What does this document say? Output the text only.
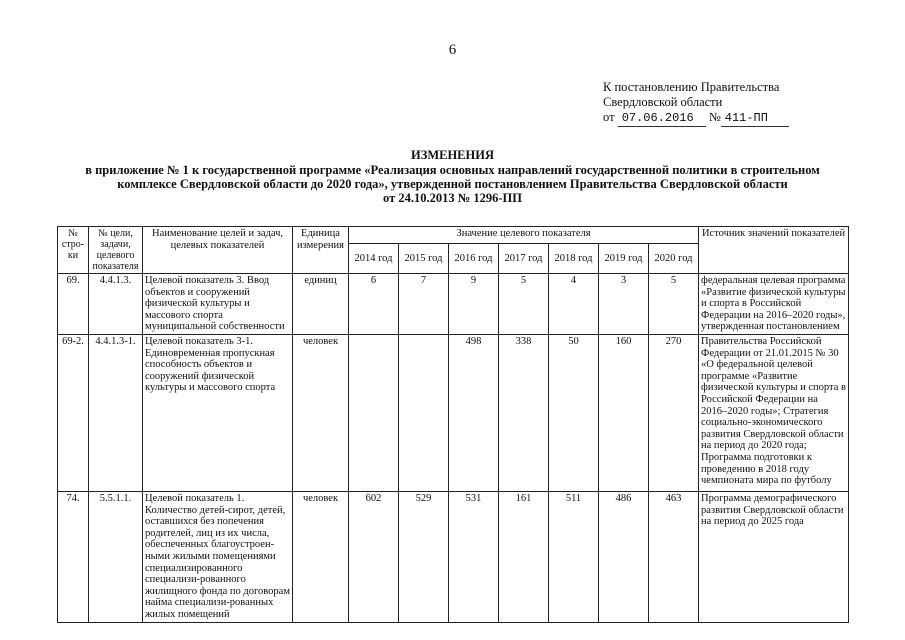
6
К постановлению Правительства
Свердловской области
от 07.06.2016 № 411-ПП
ИЗМЕНЕНИЯ
в приложение № 1 к государственной программе «Реализация основных направлений государственной политики в строительном
комплексе Свердловской области до 2020 года», утвержденной постановлением Правительства Свердловской области
от 24.10.2013 № 1296-ПП
№ стро-ки	№ цели, задачи, целевого показателя	Наименование целей и задач, целевых показателей	Единица измерения	Значение целевого показателя							Источник значений показателей
				2014 год	2015 год	2016 год	2017 год	2018 год	2019 год	2020 год	
69.	4.4.1.3.	Целевой показатель 3. Ввод объектов и сооружений физической культуры и массового спорта муниципальной собственности	единиц	6	7	9	5	4	3	5	федеральная целевая программа «Развитие физической культуры и спорта в Российской Федерации на 2016–2020 годы», утвержденная постановлением
69-2.	4.4.1.3-1.	Целевой показатель 3-1. Единовременная пропускная способность объектов и сооружений физической культуры и массового спорта	человек			498	338	50	160	270	Правительства Российской Федерации от 21.01.2015 № 30 «О федеральной целевой программе «Развитие физической культуры и спорта в Российской Федерации на 2016–2020 годы»; Стратегия социально-экономического развития Свердловской области на период до 2020 года; Программа подготовки к проведению в 2018 году чемпионата мира по футболу
74.	5.5.1.1.	Целевой показатель 1. Количество детей-сирот, детей, оставшихся без попечения родителей, лиц из их числа, обеспеченных благоустроен-ными жилыми помещениями специализированного специализи-рованного жилищного фонда по договорам найма специализи-рованных жилых помещений	человек	602	529	531	161	511	486	463	Программа демографического развития Свердловской области на период до 2025 года
